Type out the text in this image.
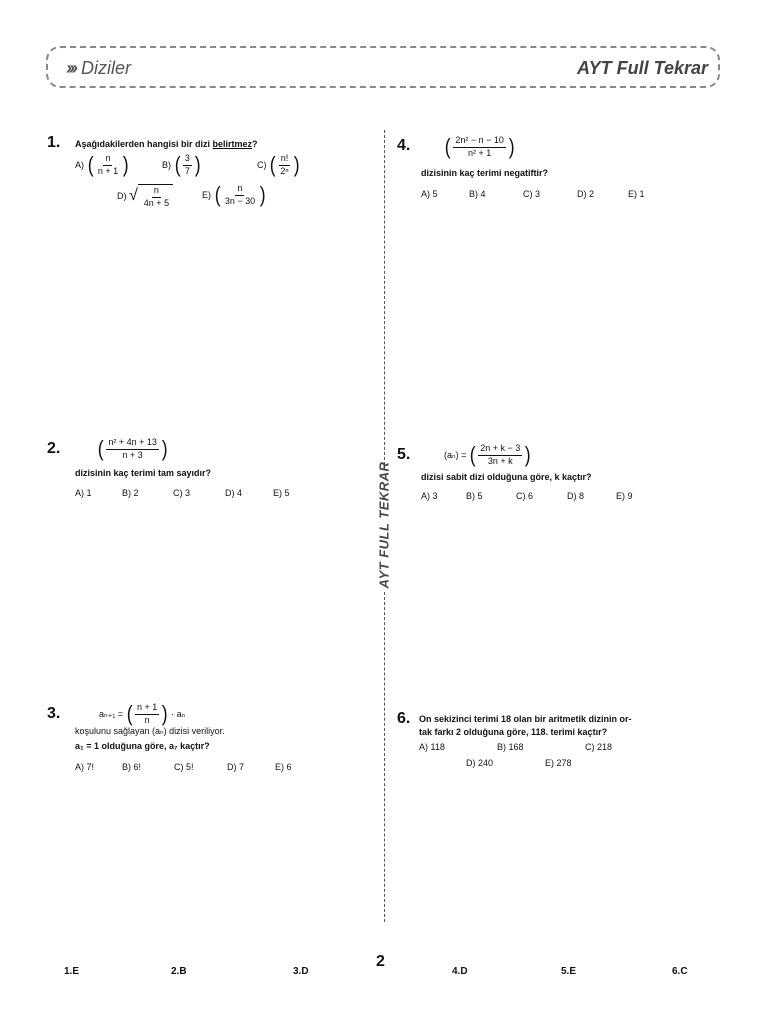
››› Diziler	AYT Full Tekrar
AYT FULL TEKRAR
1. Aşağıdakilerden hangisi bir dizi belirtmez?
A)
( $\frac{n}{n + 1}$ )	B)
( $\frac{3}{7}$ )	C)
( $\frac{n!}{\text{2ⁿ}}$ )
D)
√ $\frac{n}{4n + 5}$	E)
( $\frac{n}{3n - 30}$ )
4. ( $\frac{\text{2n² − n − 10}}{\text{n² + 1}}$ )
dizisinin kaç terimi negatiftir?
A) 5	B) 4	C) 3	D) 2	E) 1
2. ( $\frac{\text{n² + 4n + 13}}{n + 3}$ )
dizisinin kaç terimi tam sayıdır?
A) 1	B) 2	C) 3	D) 4	E) 5
5.	(aₙ) =
( $\frac{2n + k - 3}{3n + k}$ )
dizisi sabit dizi olduğuna göre, k kaçtır?
A) 3	B) 5	C) 6	D) 8	E) 9
3.	aₙ₊₁ =
( $\frac{n + 1}{n}$ )
· aₙ
koşulunu sağlayan (aₙ) dizisi veriliyor.
a₁ = 1 olduğuna göre, a₇ kaçtır?
A) 7!	B) 6!	C) 5!	D) 7	E) 6
6. On sekizinci terimi 18 olan bir aritmetik dizinin or-
tak farkı 2 olduğuna göre, 118. terimi kaçtır?
A) 118	B) 168	C) 218
D) 240	E) 278
2
1.E	2.B	3.D	4.D	5.E	6.C
